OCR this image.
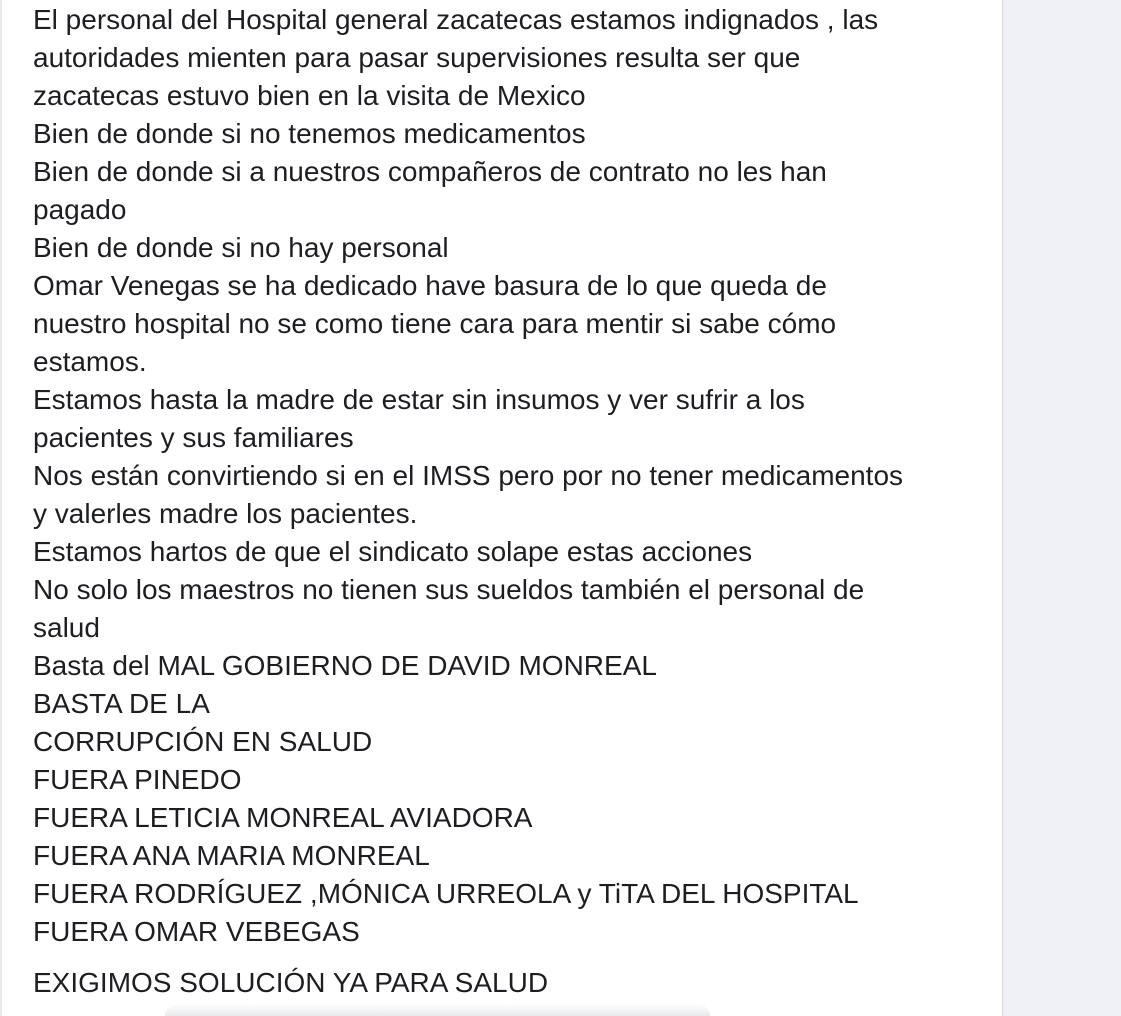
El personal del Hospital general zacatecas estamos indignados , las
autoridades mienten para pasar supervisiones resulta ser que
zacatecas estuvo bien en la visita de Mexico
Bien de donde si no tenemos medicamentos
Bien de donde si a nuestros compañeros de contrato no les han
pagado
Bien de donde si no hay personal
Omar Venegas se ha dedicado have basura de lo que queda de
nuestro hospital no se como tiene cara para mentir si sabe cómo
estamos.
Estamos hasta la madre de estar sin insumos y ver sufrir a los
pacientes y sus familiares
Nos están convirtiendo si en el IMSS pero por no tener medicamentos
y valerles madre los pacientes.
Estamos hartos de que el sindicato solape estas acciones
No solo los maestros no tienen sus sueldos también el personal de
salud
Basta del MAL GOBIERNO DE DAVID MONREAL
BASTA DE LA
CORRUPCIÓN EN SALUD
FUERA PINEDO
FUERA LETICIA MONREAL AVIADORA
FUERA ANA MARIA MONREAL
FUERA RODRÍGUEZ ,MÓNICA URREOLA y TiTA DEL HOSPITAL
FUERA OMAR VEBEGAS
EXIGIMOS SOLUCIÓN YA PARA SALUD
